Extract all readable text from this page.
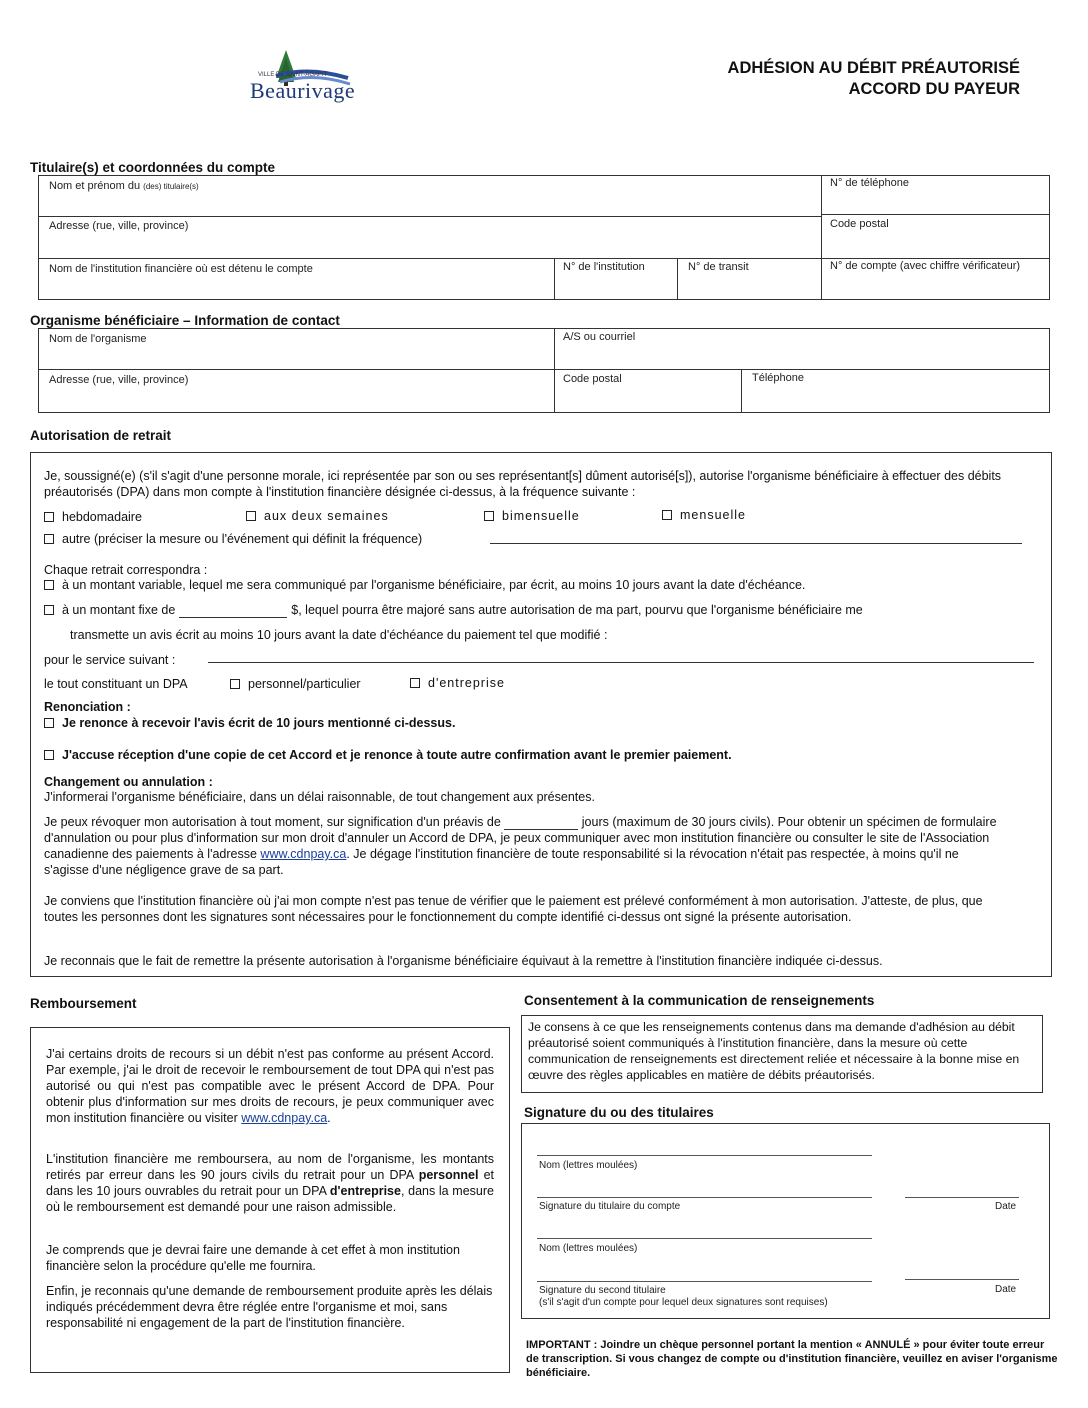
VILLE DE SAINT-AGAPIT
Beaurivage
ADHÉSION AU DÉBIT PRÉAUTORISÉ
ACCORD DU PAYEUR
Titulaire(s) et coordonnées du compte
Nom et prénom du (des) titulaire(s)	N° de téléphone
Adresse (rue, ville, province)	Code postal
Nom de l'institution financière où est détenu le compte	N° de l'institution	N° de transit	N° de compte (avec chiffre vérificateur)
Organisme bénéficiaire – Information de contact
Nom de l'organisme	A/S ou courriel
Adresse (rue, ville, province)	Code postal	Téléphone
Autorisation de retrait
Je, soussigné(e) (s'il s'agit d'une personne morale, ici représentée par son ou ses représentant[s] dûment autorisé[s]), autorise l'organisme bénéficiaire à effectuer des débits préautorisés (DPA) dans mon compte à l'institution financière désignée ci-dessus, à la fréquence suivante :
hebdomadaire	aux deux semaines	bimensuelle	mensuelle
autre (préciser la mesure ou l'événement qui définit la fréquence)
Chaque retrait correspondra :
à un montant variable, lequel me sera communiqué par l'organisme bénéficiaire, par écrit, au moins 10 jours avant la date d'échéance.
à un montant fixe de	$, lequel pourra être majoré sans autre autorisation de ma part, pourvu que l'organisme bénéficiaire me
transmette un avis écrit au moins 10 jours avant la date d'échéance du paiement tel que modifié :
pour le service suivant :
le tout constituant un DPA	personnel/particulier	d'entreprise
Renonciation :
Je renonce à recevoir l'avis écrit de 10 jours mentionné ci-dessus.
J'accuse réception d'une copie de cet Accord et je renonce à toute autre confirmation avant le premier paiement.
Changement ou annulation :
J'informerai l'organisme bénéficiaire, dans un délai raisonnable, de tout changement aux présentes.
Je peux révoquer mon autorisation à tout moment, sur signification d'un préavis de	jours (maximum de 30 jours civils). Pour obtenir un spécimen de formulaire d'annulation ou pour plus d'information sur mon droit d'annuler un Accord de DPA, je peux communiquer avec mon institution financière ou consulter le site de l'Association canadienne des paiements à l'adresse www.cdnpay.ca. Je dégage l'institution financière de toute responsabilité si la révocation n'était pas respectée, à moins qu'il ne s'agisse d'une négligence grave de sa part.
Je conviens que l'institution financière où j'ai mon compte n'est pas tenue de vérifier que le paiement est prélevé conformément à mon autorisation. J'atteste, de plus, que toutes les personnes dont les signatures sont nécessaires pour le fonctionnement du compte identifié ci-dessus ont signé la présente autorisation.
Je reconnais que le fait de remettre la présente autorisation à l'organisme bénéficiaire équivaut à la remettre à l'institution financière indiquée ci-dessus.
Remboursement
J'ai certains droits de recours si un débit n'est pas conforme au présent Accord. Par exemple, j'ai le droit de recevoir le remboursement de tout DPA qui n'est pas autorisé ou qui n'est pas compatible avec le présent Accord de DPA. Pour obtenir plus d'information sur mes droits de recours, je peux communiquer avec mon institution financière ou visiter www.cdnpay.ca.
L'institution financière me remboursera, au nom de l'organisme, les montants retirés par erreur dans les 90 jours civils du retrait pour un DPA personnel et dans les 10 jours ouvrables du retrait pour un DPA d'entreprise, dans la mesure où le remboursement est demandé pour une raison admissible.
Je comprends que je devrai faire une demande à cet effet à mon institution financière selon la procédure qu'elle me fournira.
Enfin, je reconnais qu'une demande de remboursement produite après les délais indiqués précédemment devra être réglée entre l'organisme et moi, sans responsabilité ni engagement de la part de l'institution financière.
Consentement à la communication de renseignements
Je consens à ce que les renseignements contenus dans ma demande d'adhésion au débit préautorisé soient communiqués à l'institution financière, dans la mesure où cette communication de renseignements est directement reliée et nécessaire à la bonne mise en œuvre des règles applicables en matière de débits préautorisés.
Signature du ou des titulaires
Nom (lettres moulées)
Signature du titulaire du compte	Date
Nom (lettres moulées)
Signature du second titulaire
(s'il s'agit d'un compte pour lequel deux signatures sont requises)
Date
IMPORTANT : Joindre un chèque personnel portant la mention « ANNULÉ » pour éviter toute erreur de transcription. Si vous changez de compte ou d'institution financière, veuillez en aviser l'organisme bénéficiaire.
